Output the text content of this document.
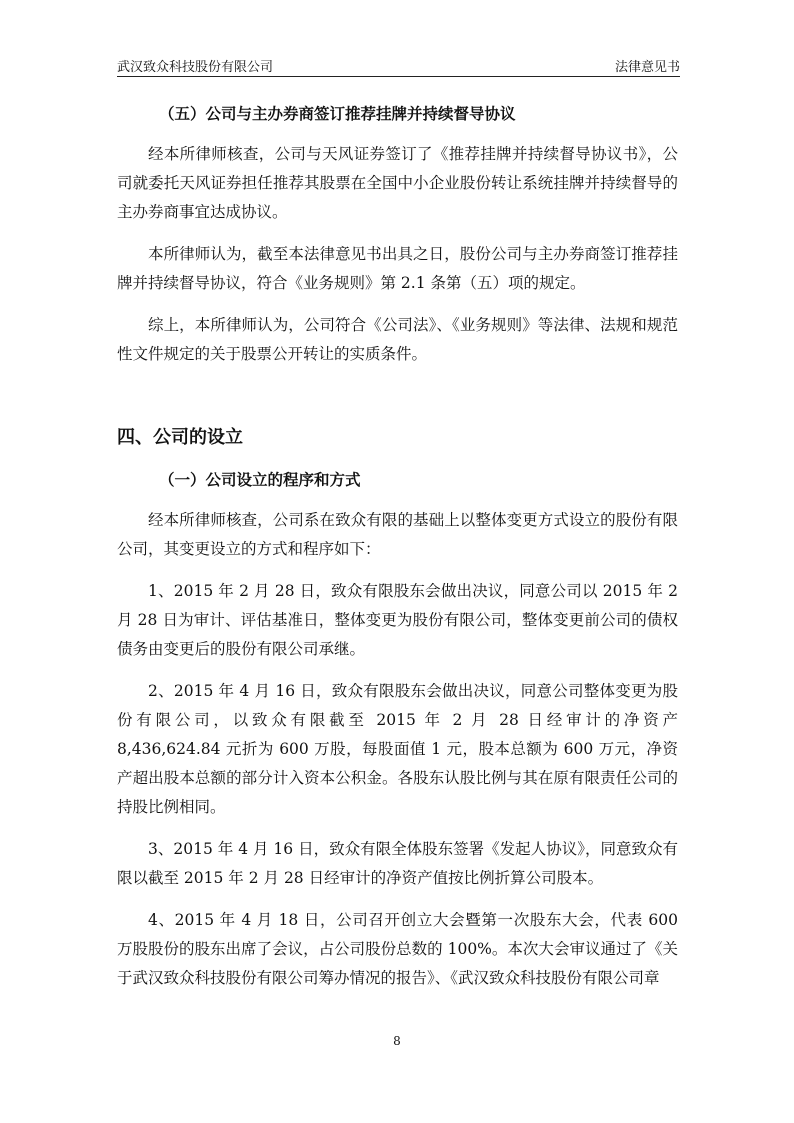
武汉致众科技股份有限公司	法律意见书

（五）公司与主办券商签订推荐挂牌并持续督导协议

经本所律师核查，公司与天风证券签订了《推荐挂牌并持续督导协议书》，公司就委托天风证券担任推荐其股票在全国中小企业股份转让系统挂牌并持续督导的主办券商事宜达成协议。

本所律师认为，截至本法律意见书出具之日，股份公司与主办券商签订推荐挂牌并持续督导协议，符合《业务规则》第 2.1 条第（五）项的规定。

综上，本所律师认为，公司符合《公司法》、《业务规则》等法律、法规和规范性文件规定的关于股票公开转让的实质条件。

四、公司的设立

（一）公司设立的程序和方式

经本所律师核查，公司系在致众有限的基础上以整体变更方式设立的股份有限公司，其变更设立的方式和程序如下：

1、2015 年 2 月 28 日，致众有限股东会做出决议，同意公司以 2015 年 2 月 28 日为审计、评估基准日，整体变更为股份有限公司，整体变更前公司的债权债务由变更后的股份有限公司承继。

2、2015 年 4 月 16 日，致众有限股东会做出决议，同意公司整体变更为股份有限公司，以致众有限截至 2015 年 2 月 28 日经审计的净资产 8,436,624.84 元折为 600 万股，每股面值 1 元，股本总额为 600 万元，净资产超出股本总额的部分计入资本公积金。各股东认股比例与其在原有限责任公司的持股比例相同。

3、2015 年 4 月 16 日，致众有限全体股东签署《发起人协议》，同意致众有限以截至 2015 年 2 月 28 日经审计的净资产值按比例折算公司股本。

4、2015 年 4 月 18 日，公司召开创立大会暨第一次股东大会，代表 600 万股股份的股东出席了会议，占公司股份总数的 100%。本次大会审议通过了《关于武汉致众科技股份有限公司筹办情况的报告》、《武汉致众科技股份有限公司章

8
